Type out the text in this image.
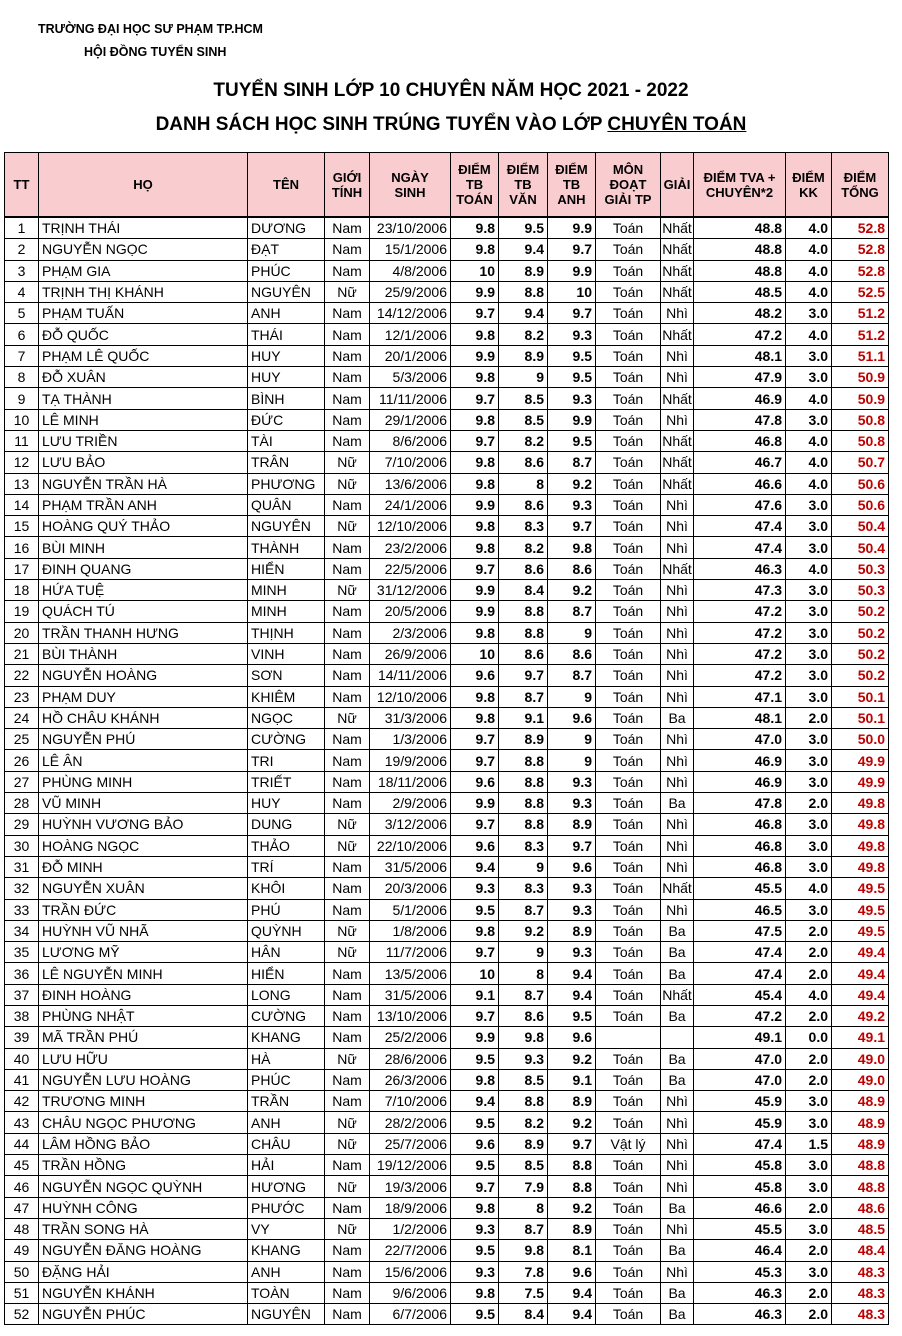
TRƯỜNG ĐẠI HỌC SƯ PHẠM TP.HCM
HỘI ĐỒNG TUYỂN SINH
TUYỂN SINH LỚP 10 CHUYÊN NĂM HỌC 2021 - 2022
DANH SÁCH HỌC SINH TRÚNG TUYỂN VÀO LỚP CHUYÊN TOÁN
TT	HỌ	TÊN	GIỚI TÍNH	NGÀY SINH	ĐIỂM TB TOÁN	ĐIỂM TB VĂN	ĐIỂM TB ANH	MÔN ĐOẠT GIẢI TP	GIẢI	ĐIỂM TVA + CHUYÊN*2	ĐIỂM KK	ĐIỂM TỔNG
1	TRỊNH THÁI	DƯƠNG	Nam	23/10/2006	9.8	9.5	9.9	Toán	Nhất	48.8	4.0	52.8
2	NGUYỄN NGỌC	ĐẠT	Nam	15/1/2006	9.8	9.4	9.7	Toán	Nhất	48.8	4.0	52.8
3	PHẠM GIA	PHÚC	Nam	4/8/2006	10	8.9	9.9	Toán	Nhất	48.8	4.0	52.8
4	TRỊNH THỊ KHÁNH	NGUYÊN	Nữ	25/9/2006	9.9	8.8	10	Toán	Nhất	48.5	4.0	52.5
5	PHẠM TUẤN	ANH	Nam	14/12/2006	9.7	9.4	9.7	Toán	Nhì	48.2	3.0	51.2
6	ĐỖ QUỐC	THÁI	Nam	12/1/2006	9.8	8.2	9.3	Toán	Nhất	47.2	4.0	51.2
7	PHẠM LÊ QUỐC	HUY	Nam	20/1/2006	9.9	8.9	9.5	Toán	Nhì	48.1	3.0	51.1
8	ĐỖ XUÂN	HUY	Nam	5/3/2006	9.8	9	9.5	Toán	Nhì	47.9	3.0	50.9
9	TẠ THÀNH	BÌNH	Nam	11/11/2006	9.7	8.5	9.3	Toán	Nhất	46.9	4.0	50.9
10	LÊ MINH	ĐỨC	Nam	29/1/2006	9.8	8.5	9.9	Toán	Nhì	47.8	3.0	50.8
11	LƯU TRIỀN	TÀI	Nam	8/6/2006	9.7	8.2	9.5	Toán	Nhất	46.8	4.0	50.8
12	LƯU BẢO	TRÂN	Nữ	7/10/2006	9.8	8.6	8.7	Toán	Nhất	46.7	4.0	50.7
13	NGUYỄN TRẦN HÀ	PHƯƠNG	Nữ	13/6/2006	9.8	8	9.2	Toán	Nhất	46.6	4.0	50.6
14	PHẠM TRẦN ANH	QUÂN	Nam	24/1/2006	9.9	8.6	9.3	Toán	Nhì	47.6	3.0	50.6
15	HOÀNG QUÝ THẢO	NGUYÊN	Nữ	12/10/2006	9.8	8.3	9.7	Toán	Nhì	47.4	3.0	50.4
16	BÙI MINH	THÀNH	Nam	23/2/2006	9.8	8.2	9.8	Toán	Nhì	47.4	3.0	50.4
17	ĐINH QUANG	HIỂN	Nam	22/5/2006	9.7	8.6	8.6	Toán	Nhất	46.3	4.0	50.3
18	HỨA TUỆ	MINH	Nữ	31/12/2006	9.9	8.4	9.2	Toán	Nhì	47.3	3.0	50.3
19	QUÁCH TÚ	MINH	Nam	20/5/2006	9.9	8.8	8.7	Toán	Nhì	47.2	3.0	50.2
20	TRẦN THANH HƯNG	THỊNH	Nam	2/3/2006	9.8	8.8	9	Toán	Nhì	47.2	3.0	50.2
21	BÙI THÀNH	VINH	Nam	26/9/2006	10	8.6	8.6	Toán	Nhì	47.2	3.0	50.2
22	NGUYỄN HOÀNG	SƠN	Nam	14/11/2006	9.6	9.7	8.7	Toán	Nhì	47.2	3.0	50.2
23	PHẠM DUY	KHIÊM	Nam	12/10/2006	9.8	8.7	9	Toán	Nhì	47.1	3.0	50.1
24	HỒ CHÂU KHÁNH	NGỌC	Nữ	31/3/2006	9.8	9.1	9.6	Toán	Ba	48.1	2.0	50.1
25	NGUYỄN PHÚ	CƯỜNG	Nam	1/3/2006	9.7	8.9	9	Toán	Nhì	47.0	3.0	50.0
26	LÊ ÂN	TRI	Nam	19/9/2006	9.7	8.8	9	Toán	Nhì	46.9	3.0	49.9
27	PHÙNG MINH	TRIẾT	Nam	18/11/2006	9.6	8.8	9.3	Toán	Nhì	46.9	3.0	49.9
28	VŨ MINH	HUY	Nam	2/9/2006	9.9	8.8	9.3	Toán	Ba	47.8	2.0	49.8
29	HUỲNH VƯƠNG BẢO	DUNG	Nữ	3/12/2006	9.7	8.8	8.9	Toán	Nhì	46.8	3.0	49.8
30	HOÀNG NGỌC	THẢO	Nữ	22/10/2006	9.6	8.3	9.7	Toán	Nhì	46.8	3.0	49.8
31	ĐỖ MINH	TRÍ	Nam	31/5/2006	9.4	9	9.6	Toán	Nhì	46.8	3.0	49.8
32	NGUYỄN XUÂN	KHÔI	Nam	20/3/2006	9.3	8.3	9.3	Toán	Nhất	45.5	4.0	49.5
33	TRẦN ĐỨC	PHÚ	Nam	5/1/2006	9.5	8.7	9.3	Toán	Nhì	46.5	3.0	49.5
34	HUỲNH VŨ NHÃ	QUỲNH	Nữ	1/8/2006	9.8	9.2	8.9	Toán	Ba	47.5	2.0	49.5
35	LƯƠNG MỸ	HÂN	Nữ	11/7/2006	9.7	9	9.3	Toán	Ba	47.4	2.0	49.4
36	LÊ NGUYỄN MINH	HIỂN	Nam	13/5/2006	10	8	9.4	Toán	Ba	47.4	2.0	49.4
37	ĐINH HOÀNG	LONG	Nam	31/5/2006	9.1	8.7	9.4	Toán	Nhất	45.4	4.0	49.4
38	PHÙNG NHẬT	CƯỜNG	Nam	13/10/2006	9.7	8.6	9.5	Toán	Ba	47.2	2.0	49.2
39	MÃ TRẦN PHÚ	KHANG	Nam	25/2/2006	9.9	9.8	9.6			49.1	0.0	49.1
40	LƯU HỮU	HÀ	Nữ	28/6/2006	9.5	9.3	9.2	Toán	Ba	47.0	2.0	49.0
41	NGUYỄN LƯU HOÀNG	PHÚC	Nam	26/3/2006	9.8	8.5	9.1	Toán	Ba	47.0	2.0	49.0
42	TRƯƠNG MINH	TRẦN	Nam	7/10/2006	9.4	8.8	8.9	Toán	Nhì	45.9	3.0	48.9
43	CHÂU NGỌC PHƯƠNG	ANH	Nữ	28/2/2006	9.5	8.2	9.2	Toán	Nhì	45.9	3.0	48.9
44	LÂM HỒNG BẢO	CHÂU	Nữ	25/7/2006	9.6	8.9	9.7	Vật lý	Nhì	47.4	1.5	48.9
45	TRẦN HỒNG	HẢI	Nam	19/12/2006	9.5	8.5	8.8	Toán	Nhì	45.8	3.0	48.8
46	NGUYỄN NGỌC QUỲNH	HƯƠNG	Nữ	19/3/2006	9.7	7.9	8.8	Toán	Nhì	45.8	3.0	48.8
47	HUỲNH CÔNG	PHƯỚC	Nam	18/9/2006	9.8	8	9.2	Toán	Ba	46.6	2.0	48.6
48	TRẦN SONG HÀ	VY	Nữ	1/2/2006	9.3	8.7	8.9	Toán	Nhì	45.5	3.0	48.5
49	NGUYỄN ĐĂNG HOÀNG	KHANG	Nam	22/7/2006	9.5	9.8	8.1	Toán	Ba	46.4	2.0	48.4
50	ĐẶNG HẢI	ANH	Nam	15/6/2006	9.3	7.8	9.6	Toán	Nhì	45.3	3.0	48.3
51	NGUYỄN KHÁNH	TOÀN	Nam	9/6/2006	9.8	7.5	9.4	Toán	Ba	46.3	2.0	48.3
52	NGUYỄN PHÚC	NGUYÊN	Nam	6/7/2006	9.5	8.4	9.4	Toán	Ba	46.3	2.0	48.3
